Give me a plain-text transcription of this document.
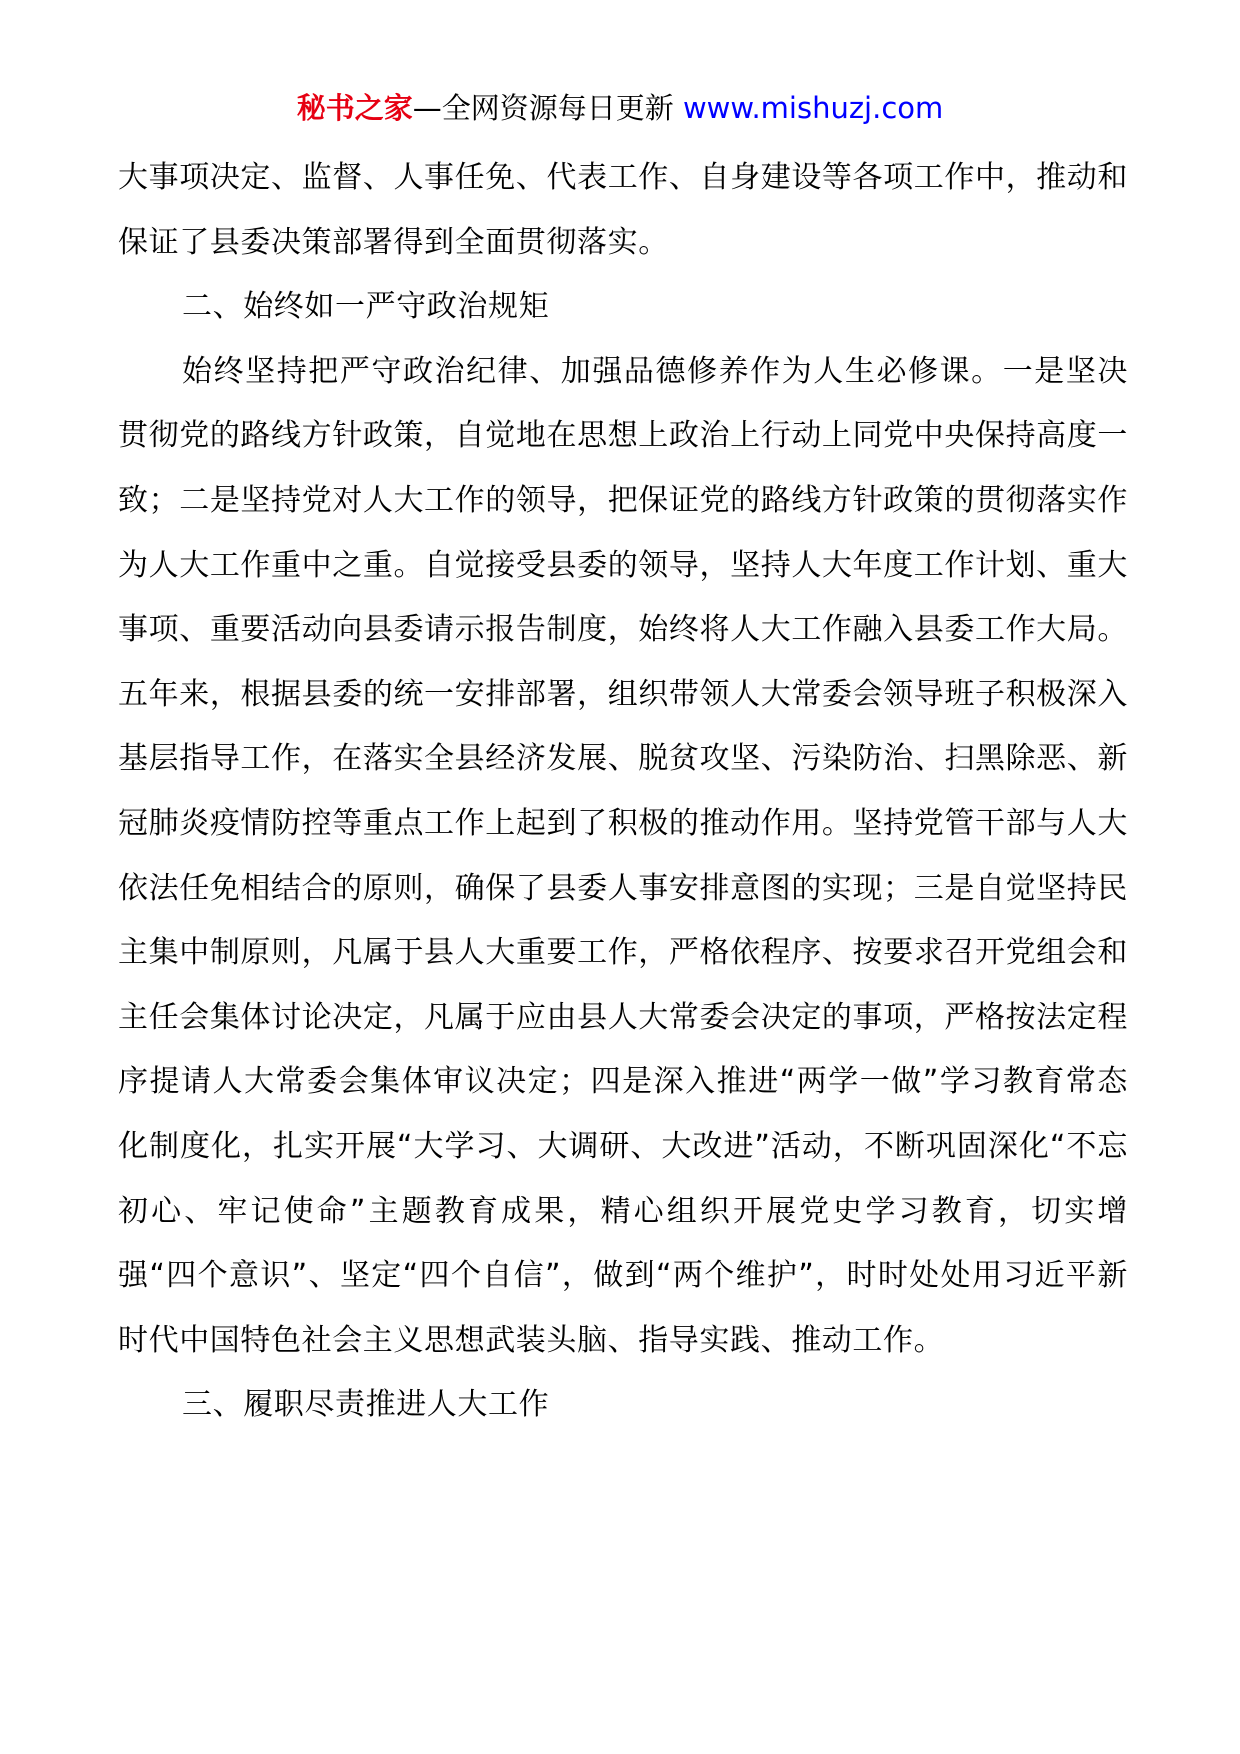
秘书之家—全网资源每日更新 www.mishuzj.com

大事项决定、监督、人事任免、代表工作、自身建设等各项工作中，推动和保证了县委决策部署得到全面贯彻落实。

二、始终如一严守政治规矩

始终坚持把严守政治纪律、加强品德修养作为人生必修课。一是坚决贯彻党的路线方针政策，自觉地在思想上政治上行动上同党中央保持高度一致；二是坚持党对人大工作的领导，把保证党的路线方针政策的贯彻落实作为人大工作重中之重。自觉接受县委的领导，坚持人大年度工作计划、重大事项、重要活动向县委请示报告制度，始终将人大工作融入县委工作大局。五年来，根据县委的统一安排部署，组织带领人大常委会领导班子积极深入基层指导工作，在落实全县经济发展、脱贫攻坚、污染防治、扫黑除恶、新冠肺炎疫情防控等重点工作上起到了积极的推动作用。坚持党管干部与人大依法任免相结合的原则，确保了县委人事安排意图的实现；三是自觉坚持民主集中制原则，凡属于县人大重要工作，严格依程序、按要求召开党组会和主任会集体讨论决定，凡属于应由县人大常委会决定的事项，严格按法定程序提请人大常委会集体审议决定；四是深入推进“两学一做”学习教育常态化制度化，扎实开展“大学习、大调研、大改进”活动，不断巩固深化“不忘初心、牢记使命”主题教育成果，精心组织开展党史学习教育，切实增强“四个意识”、坚定“四个自信”，做到“两个维护”，时时处处用习近平新时代中国特色社会主义思想武装头脑、指导实践、推动工作。

三、履职尽责推进人大工作
